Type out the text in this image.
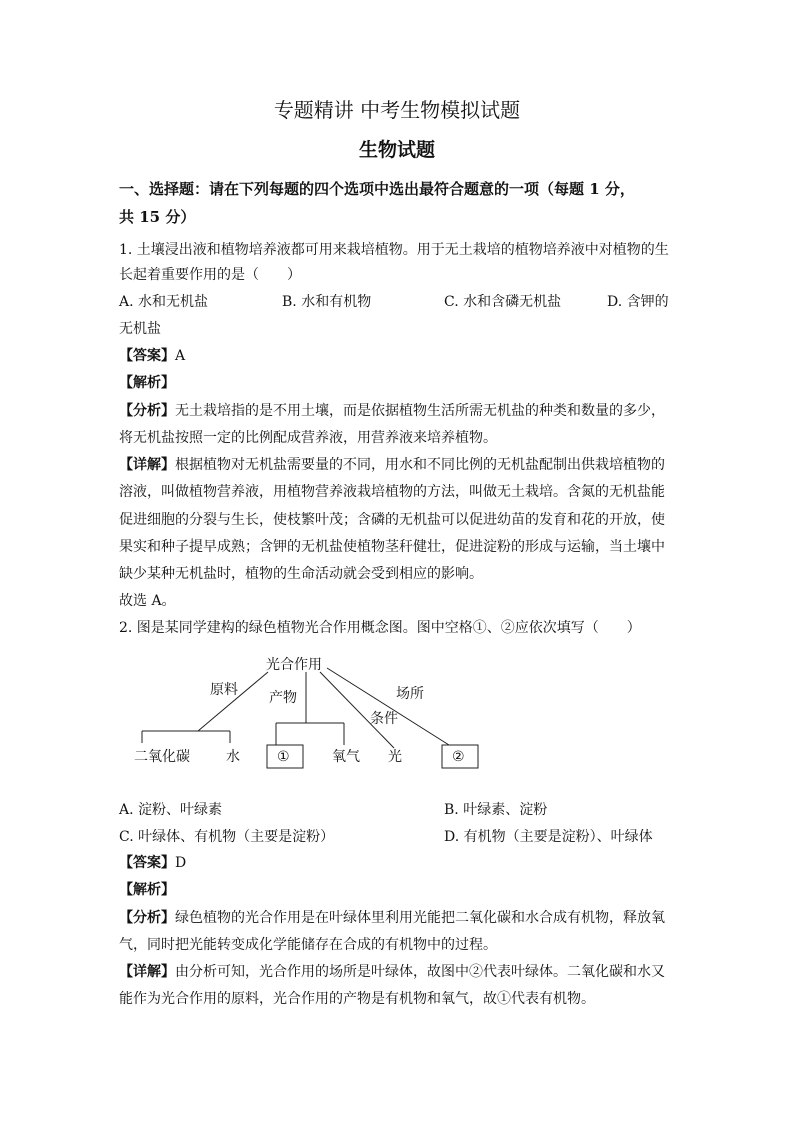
专题精讲 中考生物模拟试题
生物试题
一、选择题：请在下列每题的四个选项中选出最符合题意的一项（每题 1 分，
共 15 分）
1. 土壤浸出液和植物培养液都可用来栽培植物。用于无土栽培的植物培养液中对植物的生
长起着重要作用的是（　　）
A. 水和无机盐	B. 水和有机物	C. 水和含磷无机盐	D. 含钾的
无机盐
【答案】A
【解析】
【分析】无土栽培指的是不用土壤，而是依据植物生活所需无机盐的种类和数量的多少，
将无机盐按照一定的比例配成营养液，用营养液来培养植物。
【详解】根据植物对无机盐需要量的不同，用水和不同比例的无机盐配制出供栽培植物的
溶液，叫做植物营养液，用植物营养液栽培植物的方法，叫做无土栽培。含氮的无机盐能
促进细胞的分裂与生长，使枝繁叶茂；含磷的无机盐可以促进幼苗的发育和花的开放，使
果实和种子提早成熟；含钾的无机盐使植物茎秆健壮，促进淀粉的形成与运输，当土壤中
缺少某种无机盐时，植物的生命活动就会受到相应的影响。
故选 A。
2. 图是某同学建构的绿色植物光合作用概念图。图中空格①、②应依次填写（　　）
光合作用
原料 产物
条件
场所
二氧化碳	水	①	氧气 光	②
A. 淀粉、叶绿素	B. 叶绿素、淀粉
C. 叶绿体、有机物（主要是淀粉）	D. 有机物（主要是淀粉）、叶绿体
【答案】D
【解析】
【分析】绿色植物的光合作用是在叶绿体里利用光能把二氧化碳和水合成有机物，释放氧
气，同时把光能转变成化学能储存在合成的有机物中的过程。
【详解】由分析可知，光合作用的场所是叶绿体，故图中②代表叶绿体。二氧化碳和水又
能作为光合作用的原料，光合作用的产物是有机物和氧气，故①代表有机物。
